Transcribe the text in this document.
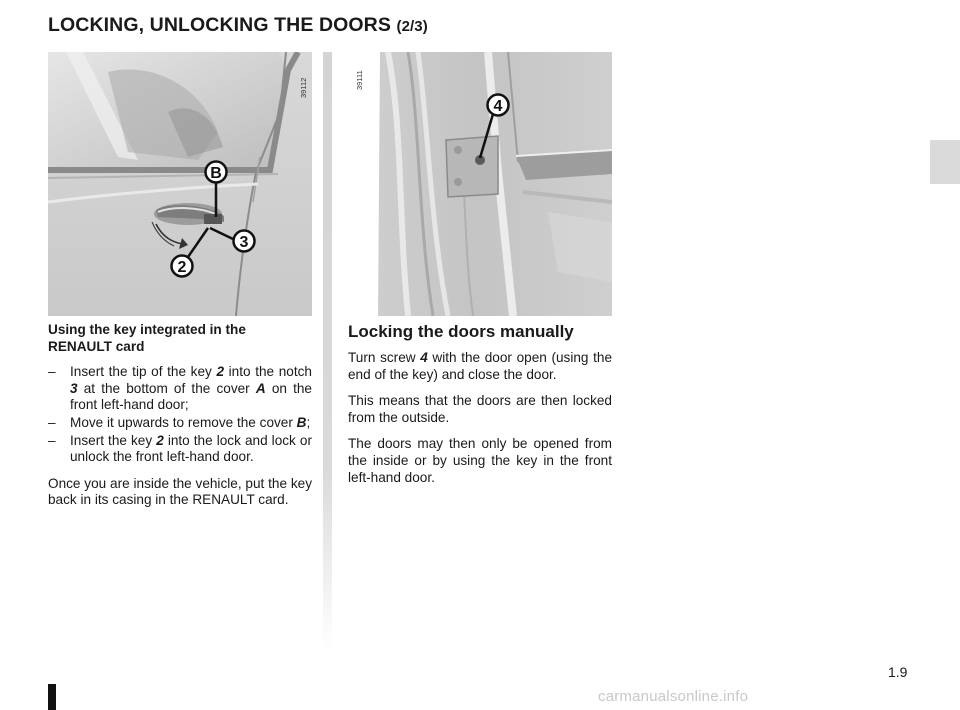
LOCKING, UNLOCKING THE DOORS (2/3)
B
3
2
39112
4
39111

Using the key integrated in the RENAULT card

– Insert the tip of the key 2 into the notch 3 at the bottom of the cover A on the front left-hand door;
– Move it upwards to remove the cover B;
– Insert the key 2 into the lock and lock or unlock the front left-hand door.

Once you are inside the vehicle, put the key back in its casing in the RENAULT card.

Locking the doors manually

Turn screw 4 with the door open (using the end of the key) and close the door.

This means that the doors are then locked from the outside.

The doors may then only be opened from the inside or by using the key in the front left-hand door.

1.9
carmanualsonline.info
